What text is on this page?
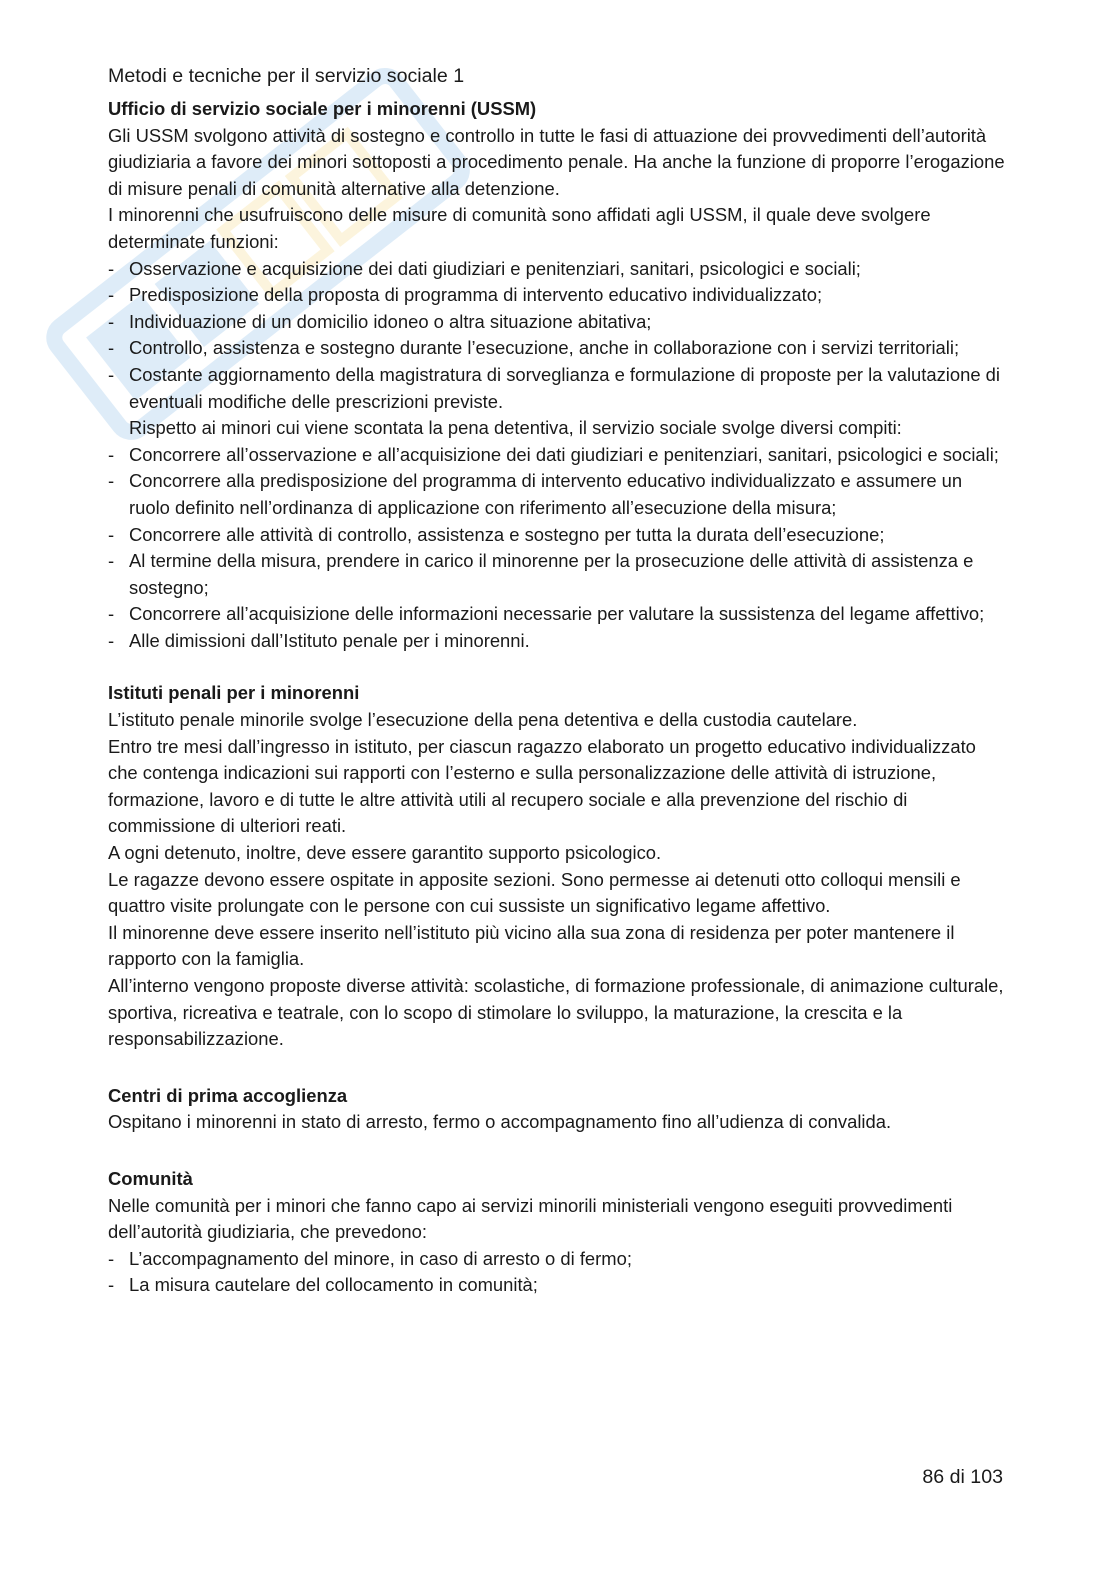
Metodi e tecniche per il servizio sociale 1
Ufficio di servizio sociale per i minorenni (USSM)

Gli USSM svolgono attività di sostegno e controllo in tutte le fasi di attuazione dei provvedimenti dell’autorità giudiziaria a favore dei minori sottoposti a procedimento penale. Ha anche la funzione di proporre l’erogazione di misure penali di comunità alternative alla detenzione.

I minorenni che usufruiscono delle misure di comunità sono affidati agli USSM, il quale deve svolgere determinate funzioni:

- Osservazione e acquisizione dei dati giudiziari e penitenziari, sanitari, psicologici e sociali;
- Predisposizione della proposta di programma di intervento educativo individualizzato;
- Individuazione di un domicilio idoneo o altra situazione abitativa;
- Controllo, assistenza e sostegno durante l’esecuzione, anche in collaborazione con i servizi territoriali;
- Costante aggiornamento della magistratura di sorveglianza e formulazione di proposte per la valutazione di eventuali modifiche delle prescrizioni previste.

Rispetto ai minori cui viene scontata la pena detentiva, il servizio sociale svolge diversi compiti:

- Concorrere all’osservazione e all’acquisizione dei dati giudiziari e penitenziari, sanitari, psicologici e sociali;
- Concorrere alla predisposizione del programma di intervento educativo individualizzato e assumere un ruolo definito nell’ordinanza di applicazione con riferimento all’esecuzione della misura;
- Concorrere alle attività di controllo, assistenza e sostegno per tutta la durata dell’esecuzione;
- Al termine della misura, prendere in carico il minorenne per la prosecuzione delle attività di assistenza e sostegno;
- Concorrere all’acquisizione delle informazioni necessarie per valutare la sussistenza del legame affettivo;
- Alle dimissioni dall’Istituto penale per i minorenni.
Istituti penali per i minorenni

L’istituto penale minorile svolge l’esecuzione della pena detentiva e della custodia cautelare.

Entro tre mesi dall’ingresso in istituto, per ciascun ragazzo elaborato un progetto educativo individualizzato che contenga indicazioni sui rapporti con l’esterno e sulla personalizzazione delle attività di istruzione, formazione, lavoro e di tutte le altre attività utili al recupero sociale e alla prevenzione del rischio di commissione di ulteriori reati.

A ogni detenuto, inoltre, deve essere garantito supporto psicologico.

Le ragazze devono essere ospitate in apposite sezioni. Sono permesse ai detenuti otto colloqui mensili e quattro visite prolungate con le persone con cui sussiste un significativo legame affettivo.

Il minorenne deve essere inserito nell’istituto più vicino alla sua zona di residenza per poter mantenere il rapporto con la famiglia.

All’interno vengono proposte diverse attività: scolastiche, di formazione professionale, di animazione culturale, sportiva, ricreativa e teatrale, con lo scopo di stimolare lo sviluppo, la maturazione, la crescita e la responsabilizzazione.

Centri di prima accoglienza

Ospitano i minorenni in stato di arresto, fermo o accompagnamento fino all’udienza di convalida.

Comunità

Nelle comunità per i minori che fanno capo ai servizi minorili ministeriali vengono eseguiti provvedimenti dell’autorità giudiziaria, che prevedono:

- L’accompagnamento del minore, in caso di arresto o di fermo;
- La misura cautelare del collocamento in comunità;
86 di 103
